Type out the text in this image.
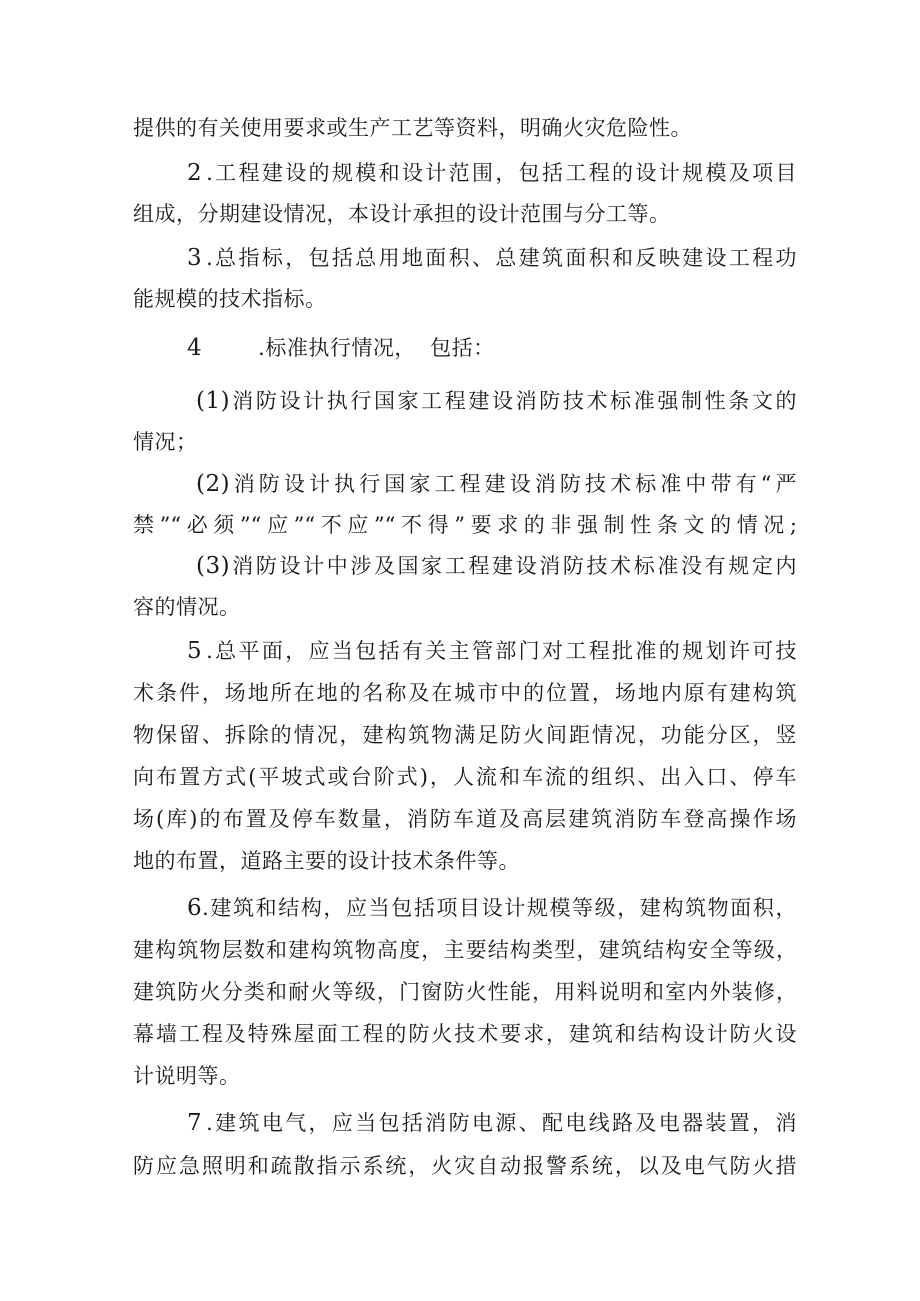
提供的有关使用要求或生产工艺等资料，明确火灾危险性。
2 .工程建设的规模和设计范围，包括工程的设计规模及项目
组成，分期建设情况，本设计承担的设计范围与分工等。
3 .总指标，包括总用地面积、总建筑面积和反映建设工程功
能规模的技术指标。
4	.标准执行情况，  包括：
(1)消防设计执行国家工程建设消防技术标准强制性条文的
情况；
(2)消防设计执行国家工程建设消防技术标准中带有“严
禁”“必须”“应”“不应”“不得”要求的非强制性条文的情况;
(3)消防设计中涉及国家工程建设消防技术标准没有规定内
容的情况。
5 .总平面，应当包括有关主管部门对工程批准的规划许可技
术条件，场地所在地的名称及在城市中的位置，场地内原有建构筑
物保留、拆除的情况，建构筑物满足防火间距情况，功能分区，竖
向布置方式(平坡式或台阶式)，人流和车流的组织、出入口、停车
场(库)的布置及停车数量，消防车道及高层建筑消防车登高操作场
地的布置，道路主要的设计技术条件等。
6.建筑和结构，应当包括项目设计规模等级，建构筑物面积，
建构筑物层数和建构筑物高度，主要结构类型，建筑结构安全等级，
建筑防火分类和耐火等级，门窗防火性能，用料说明和室内外装修，
幕墙工程及特殊屋面工程的防火技术要求，建筑和结构设计防火设
计说明等。
7 .建筑电气，应当包括消防电源、配电线路及电器装置，消
防应急照明和疏散指示系统，火灾自动报警系统，以及电气防火措
